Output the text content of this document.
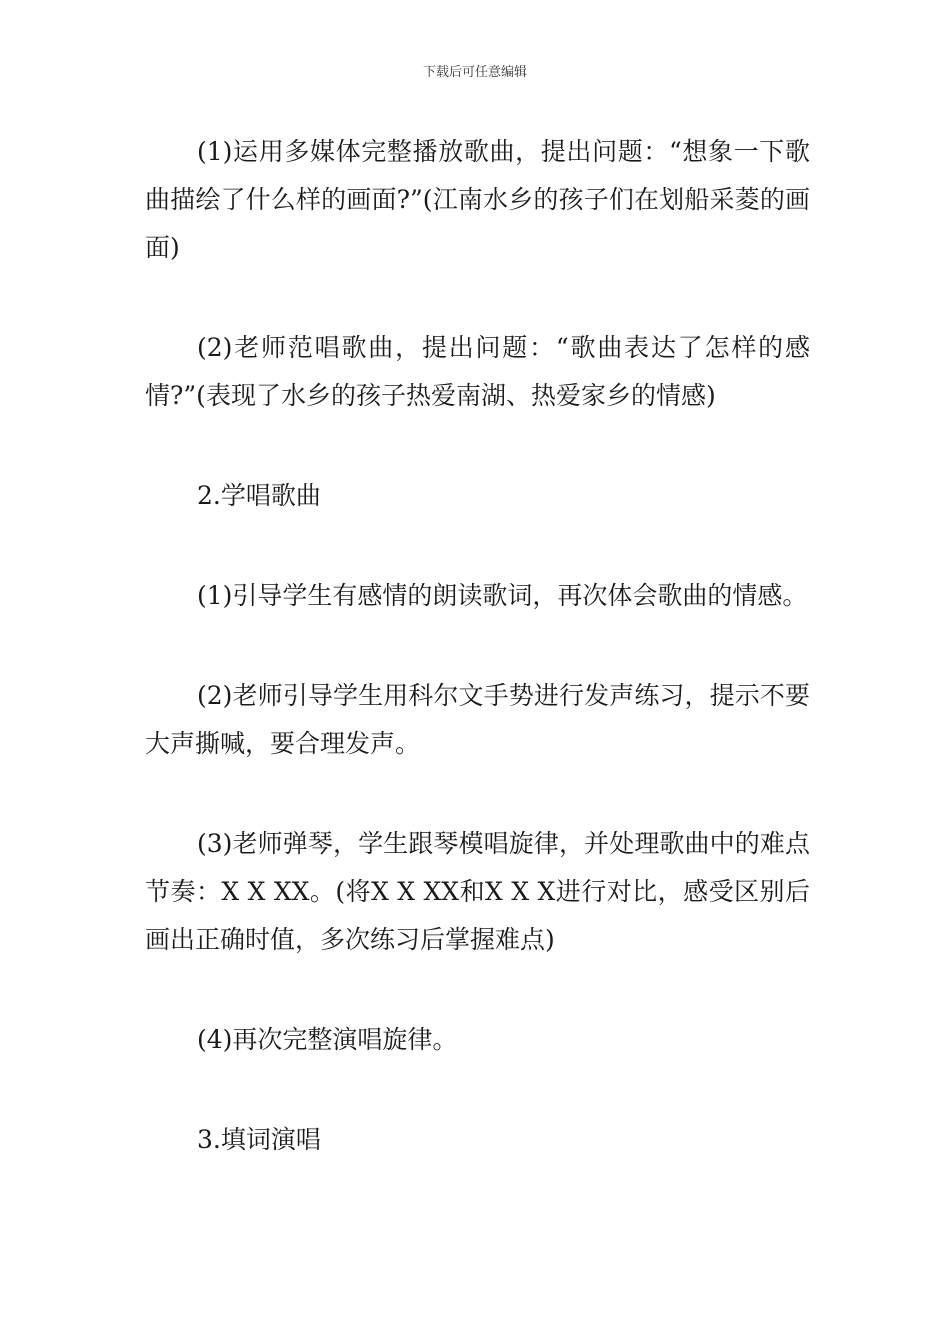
下载后可任意编辑

(1)运用多媒体完整播放歌曲，提出问题：“想象一下歌曲描绘了什么样的画面?”(江南水乡的孩子们在划船采菱的画面)

(2)老师范唱歌曲，提出问题：“歌曲表达了怎样的感情?”(表现了水乡的孩子热爱南湖、热爱家乡的情感)

2.学唱歌曲

(1)引导学生有感情的朗读歌词，再次体会歌曲的情感。

(2)老师引导学生用科尔文手势进行发声练习，提示不要大声撕喊，要合理发声。

(3)老师弹琴，学生跟琴模唱旋律，并处理歌曲中的难点节奏：X X XX。(将X X XX和X X X进行对比，感受区别后画出正确时值，多次练习后掌握难点)

(4)再次完整演唱旋律。

3.填词演唱
